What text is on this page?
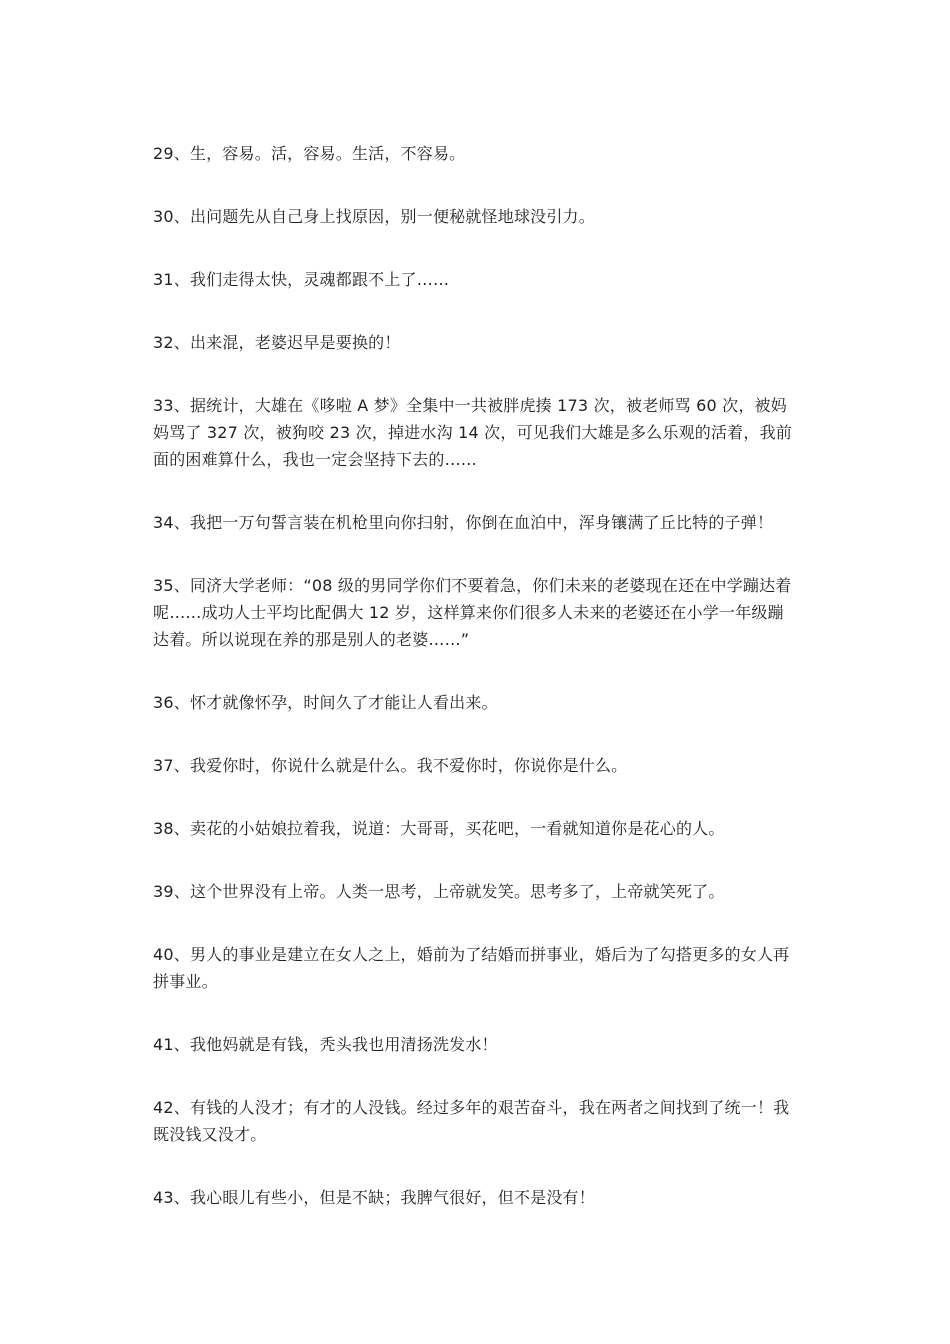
29、生，容易。活，容易。生活，不容易。

30、出问题先从自己身上找原因，别一便秘就怪地球没引力。

31、我们走得太快，灵魂都跟不上了……

32、出来混，老婆迟早是要换的！

33、据统计，大雄在《哆啦 A 梦》全集中一共被胖虎揍 173 次，被老师骂 60 次，被妈妈骂了 327 次，被狗咬 23 次，掉进水沟 14 次，可见我们大雄是多么乐观的活着，我前面的困难算什么，我也一定会坚持下去的……

34、我把一万句誓言装在机枪里向你扫射，你倒在血泊中，浑身镶满了丘比特的子弹！

35、同济大学老师：“08 级的男同学你们不要着急，你们未来的老婆现在还在中学蹦达着呢……成功人士平均比配偶大 12 岁，这样算来你们很多人未来的老婆还在小学一年级蹦达着。所以说现在养的那是别人的老婆……”

36、怀才就像怀孕，时间久了才能让人看出来。

37、我爱你时，你说什么就是什么。我不爱你时，你说你是什么。

38、卖花的小姑娘拉着我，说道：大哥哥，买花吧，一看就知道你是花心的人。

39、这个世界没有上帝。人类一思考，上帝就发笑。思考多了，上帝就笑死了。

40、男人的事业是建立在女人之上，婚前为了结婚而拼事业，婚后为了勾搭更多的女人再拼事业。

41、我他妈就是有钱，秃头我也用清扬洗发水！

42、有钱的人没才；有才的人没钱。经过多年的艰苦奋斗，我在两者之间找到了统一！我既没钱又没才。

43、我心眼儿有些小，但是不缺；我脾气很好，但不是没有！
